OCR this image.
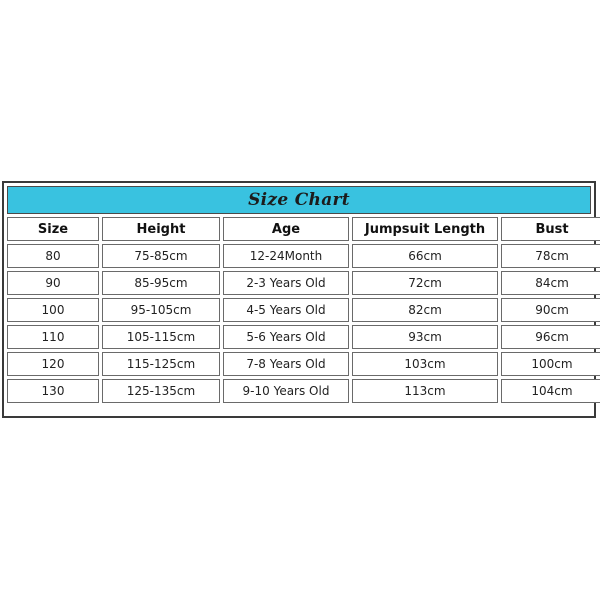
Size Chart
Size	Height	Age	Jumpsuit Length	Bust
80	75-85cm	12-24Month	66cm	78cm
90	85-95cm	2-3 Years Old	72cm	84cm
100	95-105cm	4-5 Years Old	82cm	90cm
110	105-115cm	5-6 Years Old	93cm	96cm
120	115-125cm	7-8 Years Old	103cm	100cm
130	125-135cm	9-10 Years Old	113cm	104cm
